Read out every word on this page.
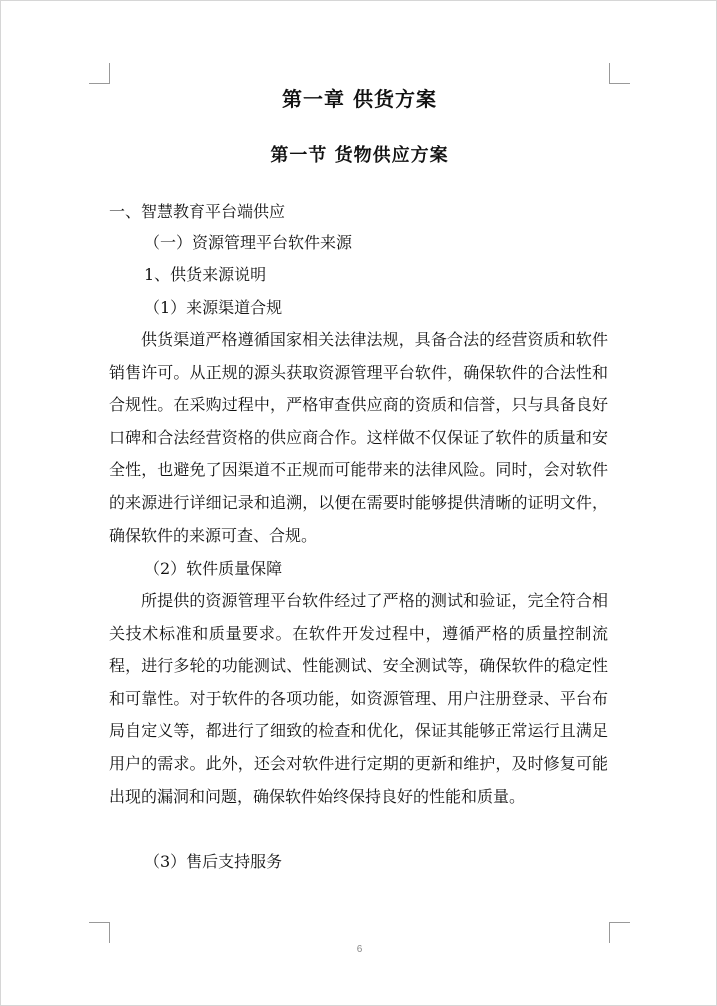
第一章 供货方案
第一节 货物供应方案
一、智慧教育平台端供应
（一）资源管理平台软件来源
1、供货来源说明
（1）来源渠道合规
供货渠道严格遵循国家相关法律法规，具备合法的经营资质和软件销售许可。从正规的源头获取资源管理平台软件，确保软件的合法性和合规性。在采购过程中，严格审查供应商的资质和信誉，只与具备良好口碑和合法经营资格的供应商合作。这样做不仅保证了软件的质量和安全性，也避免了因渠道不正规而可能带来的法律风险。同时，会对软件的来源进行详细记录和追溯，以便在需要时能够提供清晰的证明文件，确保软件的来源可查、合规。
（2）软件质量保障
所提供的资源管理平台软件经过了严格的测试和验证，完全符合相关技术标准和质量要求。在软件开发过程中，遵循严格的质量控制流程，进行多轮的功能测试、性能测试、安全测试等，确保软件的稳定性和可靠性。对于软件的各项功能，如资源管理、用户注册登录、平台布局自定义等，都进行了细致的检查和优化，保证其能够正常运行且满足用户的需求。此外，还会对软件进行定期的更新和维护，及时修复可能出现的漏洞和问题，确保软件始终保持良好的性能和质量。
（3）售后支持服务
6
